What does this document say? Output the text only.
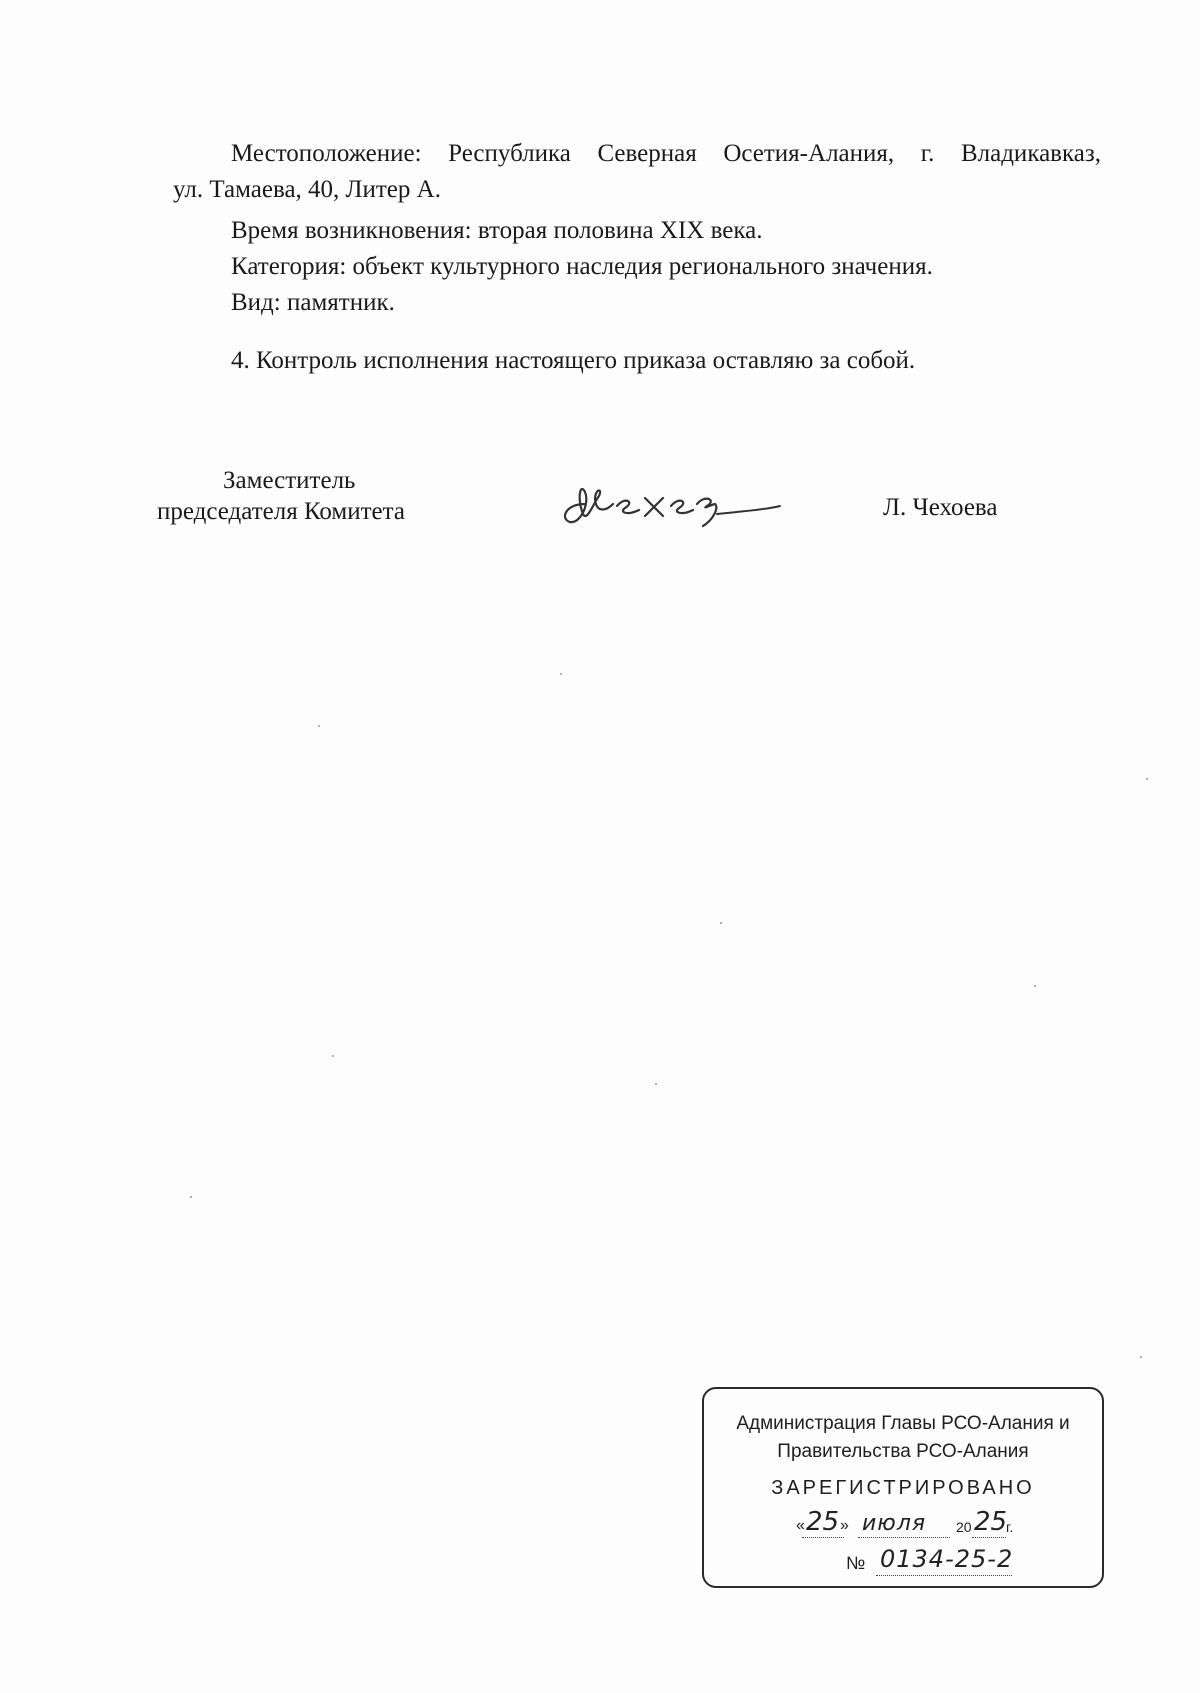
Местоположение: Республика Северная Осетия-Алания, г. Владикавказ,
ул. Тамаева, 40, Литер А.
Время возникновения: вторая половина XIX века.
Категория: объект культурного наследия регионального значения.
Вид: памятник.
4. Контроль исполнения настоящего приказа оставляю за собой.
Заместитель
председателя Комитета	Л. Чехоева
Администрация Главы РСО-Алания и
Правительства РСО-Алания
ЗАРЕГИСТРИРОВАНО
« 25 » июля 20 25
г.
№ 0134-25-2
